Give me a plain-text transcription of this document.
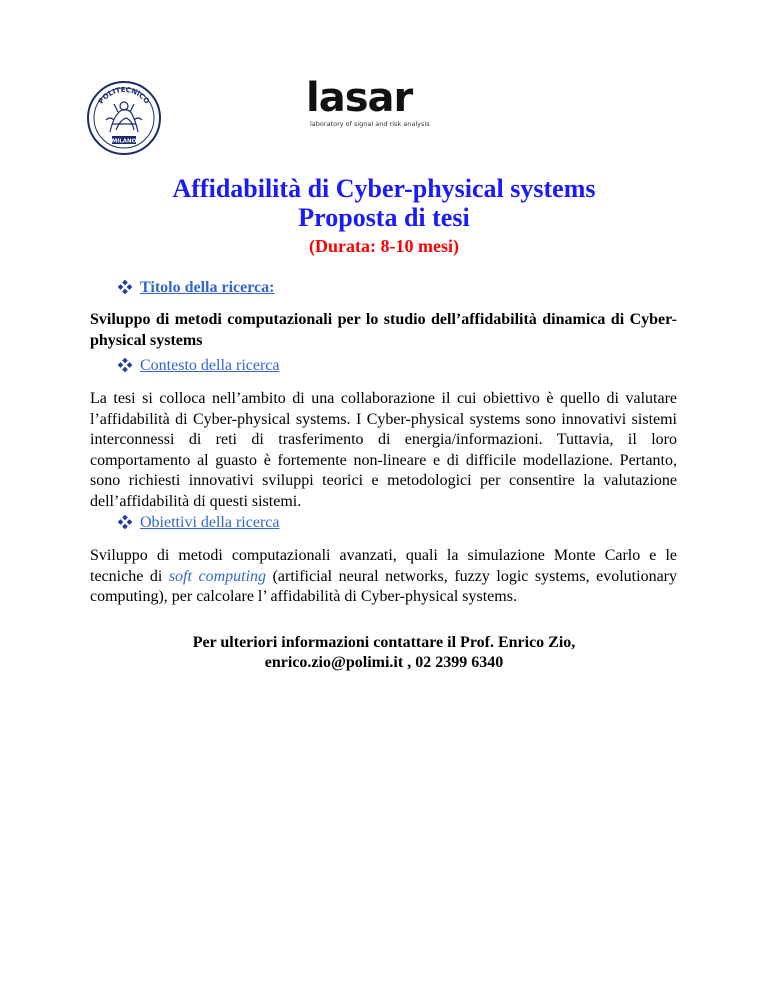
POLITECNICO
MILANO
lasar
laboratory of signal and risk analysis
Affidabilità di Cyber-physical systems
Proposta di tesi
(Durata: 8-10 mesi)
Titolo della ricerca:
Sviluppo di metodi computazionali per lo studio dell’affidabilità dinamica di Cyber-physical systems
Contesto della ricerca
La tesi si colloca nell’ambito di una collaborazione il cui obiettivo è quello di valutare l’affidabilità di Cyber-physical systems. I Cyber-physical systems sono innovativi sistemi interconnessi di reti di trasferimento di energia/informazioni. Tuttavia, il loro comportamento al guasto è fortemente non-lineare e di difficile modellazione. Pertanto, sono richiesti innovativi sviluppi teorici e metodologici per consentire la valutazione dell’affidabilità di questi sistemi.
Obiettivi della ricerca
Sviluppo di metodi computazionali avanzati, quali la simulazione Monte Carlo e le tecniche di soft computing (artificial neural networks, fuzzy logic systems, evolutionary computing), per calcolare l’ affidabilità di Cyber-physical systems.
Per ulteriori informazioni contattare il Prof. Enrico Zio,
enrico.zio@polimi.it , 02 2399 6340
